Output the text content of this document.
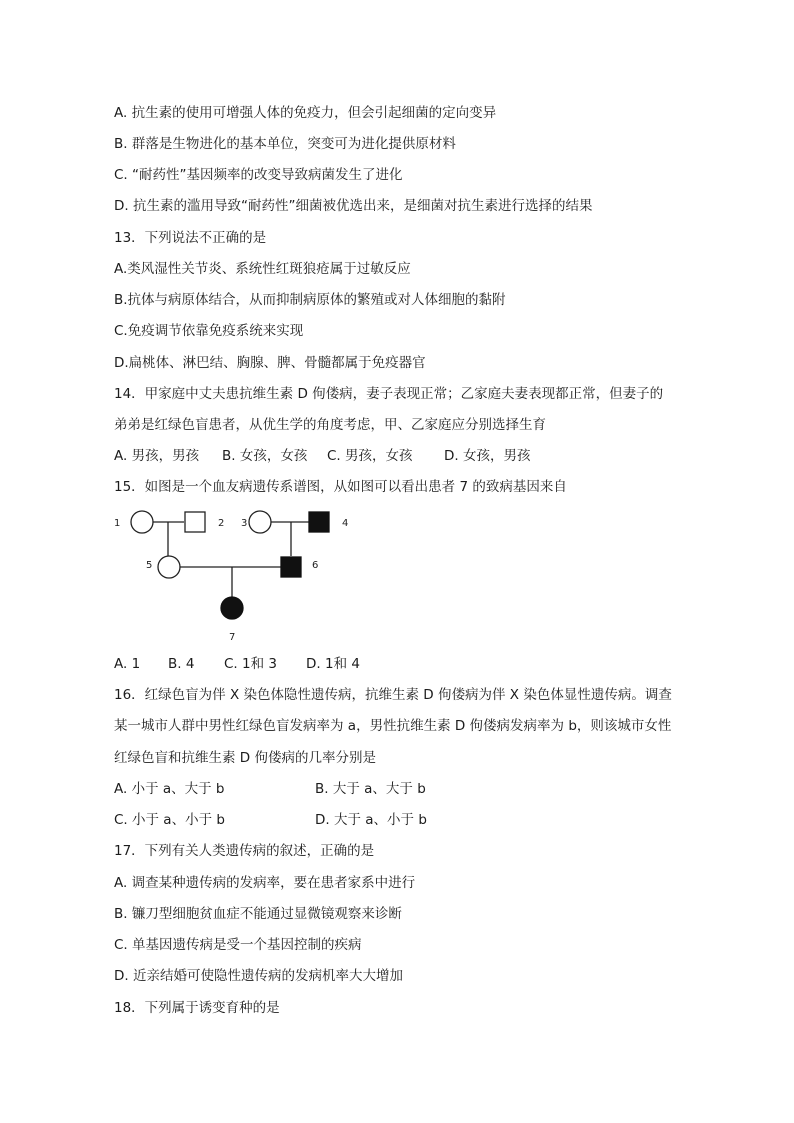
A. 抗生素的使用可增强人体的免疫力，但会引起细菌的定向变异
B. 群落是生物进化的基本单位，突变可为进化提供原材料
C. “耐药性”基因频率的改变导致病菌发生了进化
D. 抗生素的滥用导致“耐药性”细菌被优选出来，是细菌对抗生素进行选择的结果
13．下列说法不正确的是
A.类风湿性关节炎、系统性红斑狼疮属于过敏反应
B.抗体与病原体结合，从而抑制病原体的繁殖或对人体细胞的黏附
C.免疫调节依靠免疫系统来实现
D.扁桃体、淋巴结、胸腺、脾、骨髓都属于免疫器官
14．甲家庭中丈夫患抗维生素 D 佝偻病，妻子表现正常；乙家庭夫妻表现都正常，但妻子的
弟弟是红绿色盲患者，从优生学的角度考虑，甲、乙家庭应分别选择生育
A. 男孩，男孩 B. 女孩，女孩 C. 男孩，女孩 D. 女孩，男孩
15．如图是一个血友病遗传系谱图，从如图可以看出患者 7 的致病基因来自
1	2 3	4
5	6
7
A. 1 B. 4 C. 1和 3 D. 1和 4
16．红绿色盲为伴 X 染色体隐性遗传病，抗维生素 D 佝偻病为伴 X 染色体显性遗传病。调查
某一城市人群中男性红绿色盲发病率为 a，男性抗维生素 D 佝偻病发病率为 b，则该城市女性
红绿色盲和抗维生素 D 佝偻病的几率分别是
A. 小于 a、大于 b	B. 大于 a、大于 b
C. 小于 a、小于 b	D. 大于 a、小于 b
17．下列有关人类遗传病的叙述，正确的是
A. 调查某种遗传病的发病率，要在患者家系中进行
B. 镰刀型细胞贫血症不能通过显微镜观察来诊断
C. 单基因遗传病是受一个基因控制的疾病
D. 近亲结婚可使隐性遗传病的发病机率大大增加
18．下列属于诱变育种的是
